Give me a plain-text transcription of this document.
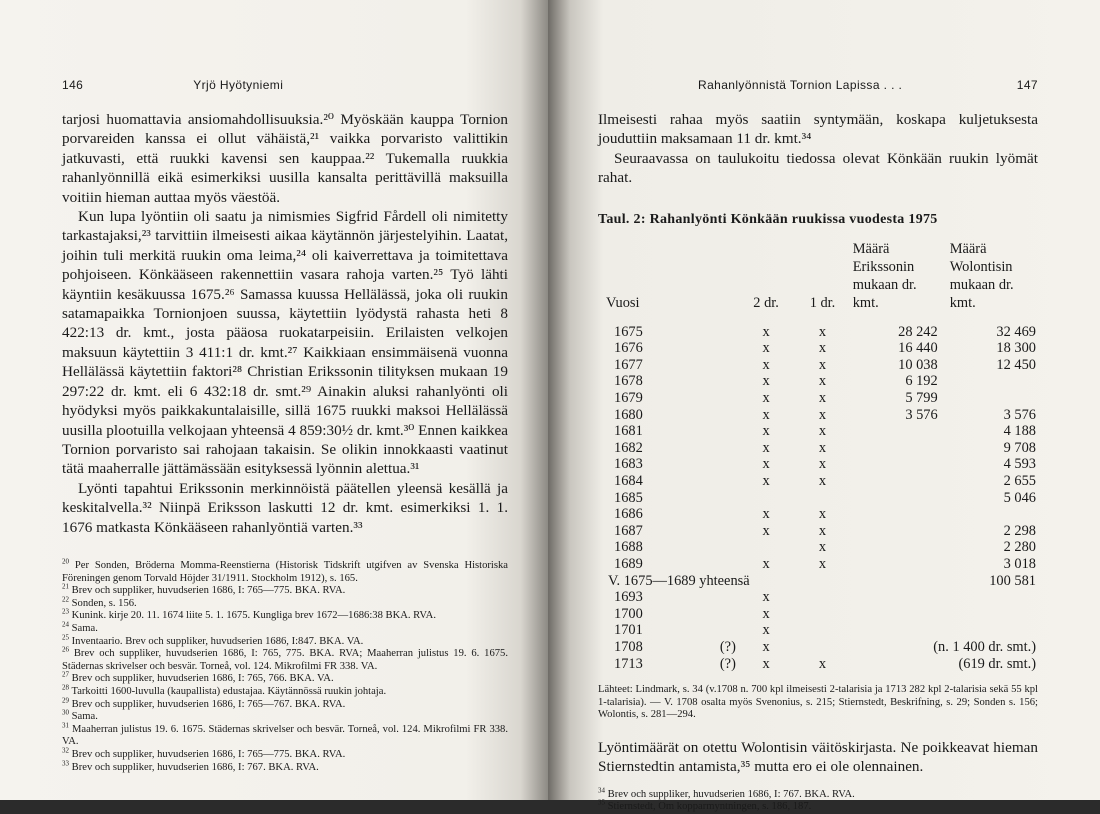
146	Yrjö Hyötyniemi

tarjosi huomattavia ansiomahdollisuuksia.²⁰ Myöskään kauppa Tornion porvareiden kanssa ei ollut vähäistä,²¹ vaikka porvaristo valittikin jatkuvasti, että ruukki kavensi sen kauppaa.²² Tukemalla ruukkia rahanlyönnillä eikä esimerkiksi uusilla kansalta perittävillä maksuilla voitiin hieman auttaa myös väestöä.

Kun lupa lyöntiin oli saatu ja nimismies Sigfrid Fårdell oli nimitetty tarkastajaksi,²³ tarvittiin ilmeisesti aikaa käytännön järjestelyihin. Laatat, joihin tuli merkitä ruukin oma leima,²⁴ oli kaiverrettava ja toimitettava pohjoiseen. Könkääseen rakennettiin vasara rahoja varten.²⁵ Työ lähti käyntiin kesäkuussa 1675.²⁶ Samassa kuussa Hellälässä, joka oli ruukin satamapaikka Tornionjoen suussa, käytettiin lyödystä rahasta heti 8 422:13 dr. kmt., josta pääosa ruokatarpeisiin. Erilaisten velkojen maksuun käytettiin 3 411:1 dr. kmt.²⁷ Kaikkiaan ensimmäisenä vuonna Hellälässä käytettiin faktori²⁸ Christian Erikssonin tilityksen mukaan 19 297:22 dr. kmt. eli 6 432:18 dr. smt.²⁹ Ainakin aluksi rahanlyönti oli hyödyksi myös paikkakuntalaisille, sillä 1675 ruukki maksoi Hellälässä uusilla plootuilla velkojaan yhteensä 4 859:30½ dr. kmt.³⁰ Ennen kaikkea Tornion porvaristo sai rahojaan takaisin. Se olikin innokkaasti vaatinut tätä maaherralle jättämässään esityksessä lyönnin alettua.³¹

Lyönti tapahtui Erikssonin merkinnöistä päätellen yleensä kesällä ja keskitalvella.³² Niinpä Eriksson laskutti 12 dr. kmt. esimerkiksi 1. 1. 1676 matkasta Könkääseen rahanlyöntiä varten.³³

$^{20}$ Per Sonden, Bröderna Momma-Reenstierna (Historisk Tidskrift utgifven av Svenska Historiska Föreningen genom Torvald Höjder 31/1911. Stockholm 1912), s. 165.

$^{21}$ Brev och suppliker, huvudserien 1686, I: 765—775. BKA. RVA.

$^{22}$ Sonden, s. 156.

$^{23}$ Kunink. kirje 20. 11. 1674 liite 5. 1. 1675. Kungliga brev 1672—1686:38 BKA. RVA.

$^{24}$ Sama.

$^{25}$ Inventaario. Brev och suppliker, huvudserien 1686, I:847. BKA. VA.

$^{26}$ Brev och suppliker, huvudserien 1686, I: 765, 775. BKA. RVA; Maaherran julistus 19. 6. 1675. Städernas skrivelser och besvär. Torneå, vol. 124. Mikrofilmi FR 338. VA.

$^{27}$ Brev och suppliker, huvudserien 1686, I: 765, 766. BKA. VA.

$^{28}$ Tarkoitti 1600-luvulla (kaupallista) edustajaa. Käytännössä ruukin johtaja.

$^{29}$ Brev och suppliker, huvudserien 1686, I: 765—767. BKA. RVA.

$^{30}$ Sama.

$^{31}$ Maaherran julistus 19. 6. 1675. Städernas skrivelser och besvär. Torneå, vol. 124. Mikrofilmi FR 338. VA.

$^{32}$ Brev och suppliker, huvudserien 1686, I: 765—775. BKA. RVA.

$^{33}$ Brev och suppliker, huvudserien 1686, I: 767. BKA. RVA.

Rahanlyönnistä Tornion Lapissa . . .	147

Ilmeisesti rahaa myös saatiin syntymään, koskapa kuljetuksesta jouduttiin maksamaan 11 dr. kmt.³⁴

Seuraavassa on taulukoitu tiedossa olevat Könkään ruukin lyömät rahat.

Taul. 2: Rahanlyönti Könkään ruukissa vuodesta 1975
Vuosi		2 dr.	1 dr.	Määrä Erikssonin mukaan dr. kmt.	Määrä Wolontisin mukaan dr. kmt.

1675		x	x	28 242	32 469
1676		x	x	16 440	18 300
1677		x	x	10 038	12 450
1678		x	x	6 192	
1679		x	x	5 799	
1680		x	x	3 576	3 576
1681		x	x		4 188
1682		x	x		9 708
1683		x	x		4 593
1684		x	x		2 655
1685					5 046
1686		x	x		
1687		x	x		2 298
1688			x		2 280
1689		x	x		3 018
V. 1675—1689 yhteensä					100 581
1693		x			
1700		x			
1701		x			
1708	(?)	x		(n. 1 400 dr. smt.)	
1713	(?)	x	x	(619 dr. smt.)	
Lähteet: Lindmark, s. 34 (v.1708 n. 700 kpl ilmeisesti 2-talarisia ja 1713 282 kpl 2-talarisia sekä 55 kpl 1-talarisia). — V. 1708 osalta myös Svenonius, s. 215; Stiernstedt, Beskrifning, s. 29; Sonden s. 156; Wolontis, s. 281—294.

Lyöntimäärät on otettu Wolontisin väitöskirjasta. Ne poikkeavat hieman Stiernstedtin antamista,³⁵ mutta ero ei ole olennainen.

$^{34}$ Brev och suppliker, huvudserien 1686, I: 767. BKA. RVA.

$^{35}$ Stiernstedt, Om kopparmyntningen, s. 186, 187.
